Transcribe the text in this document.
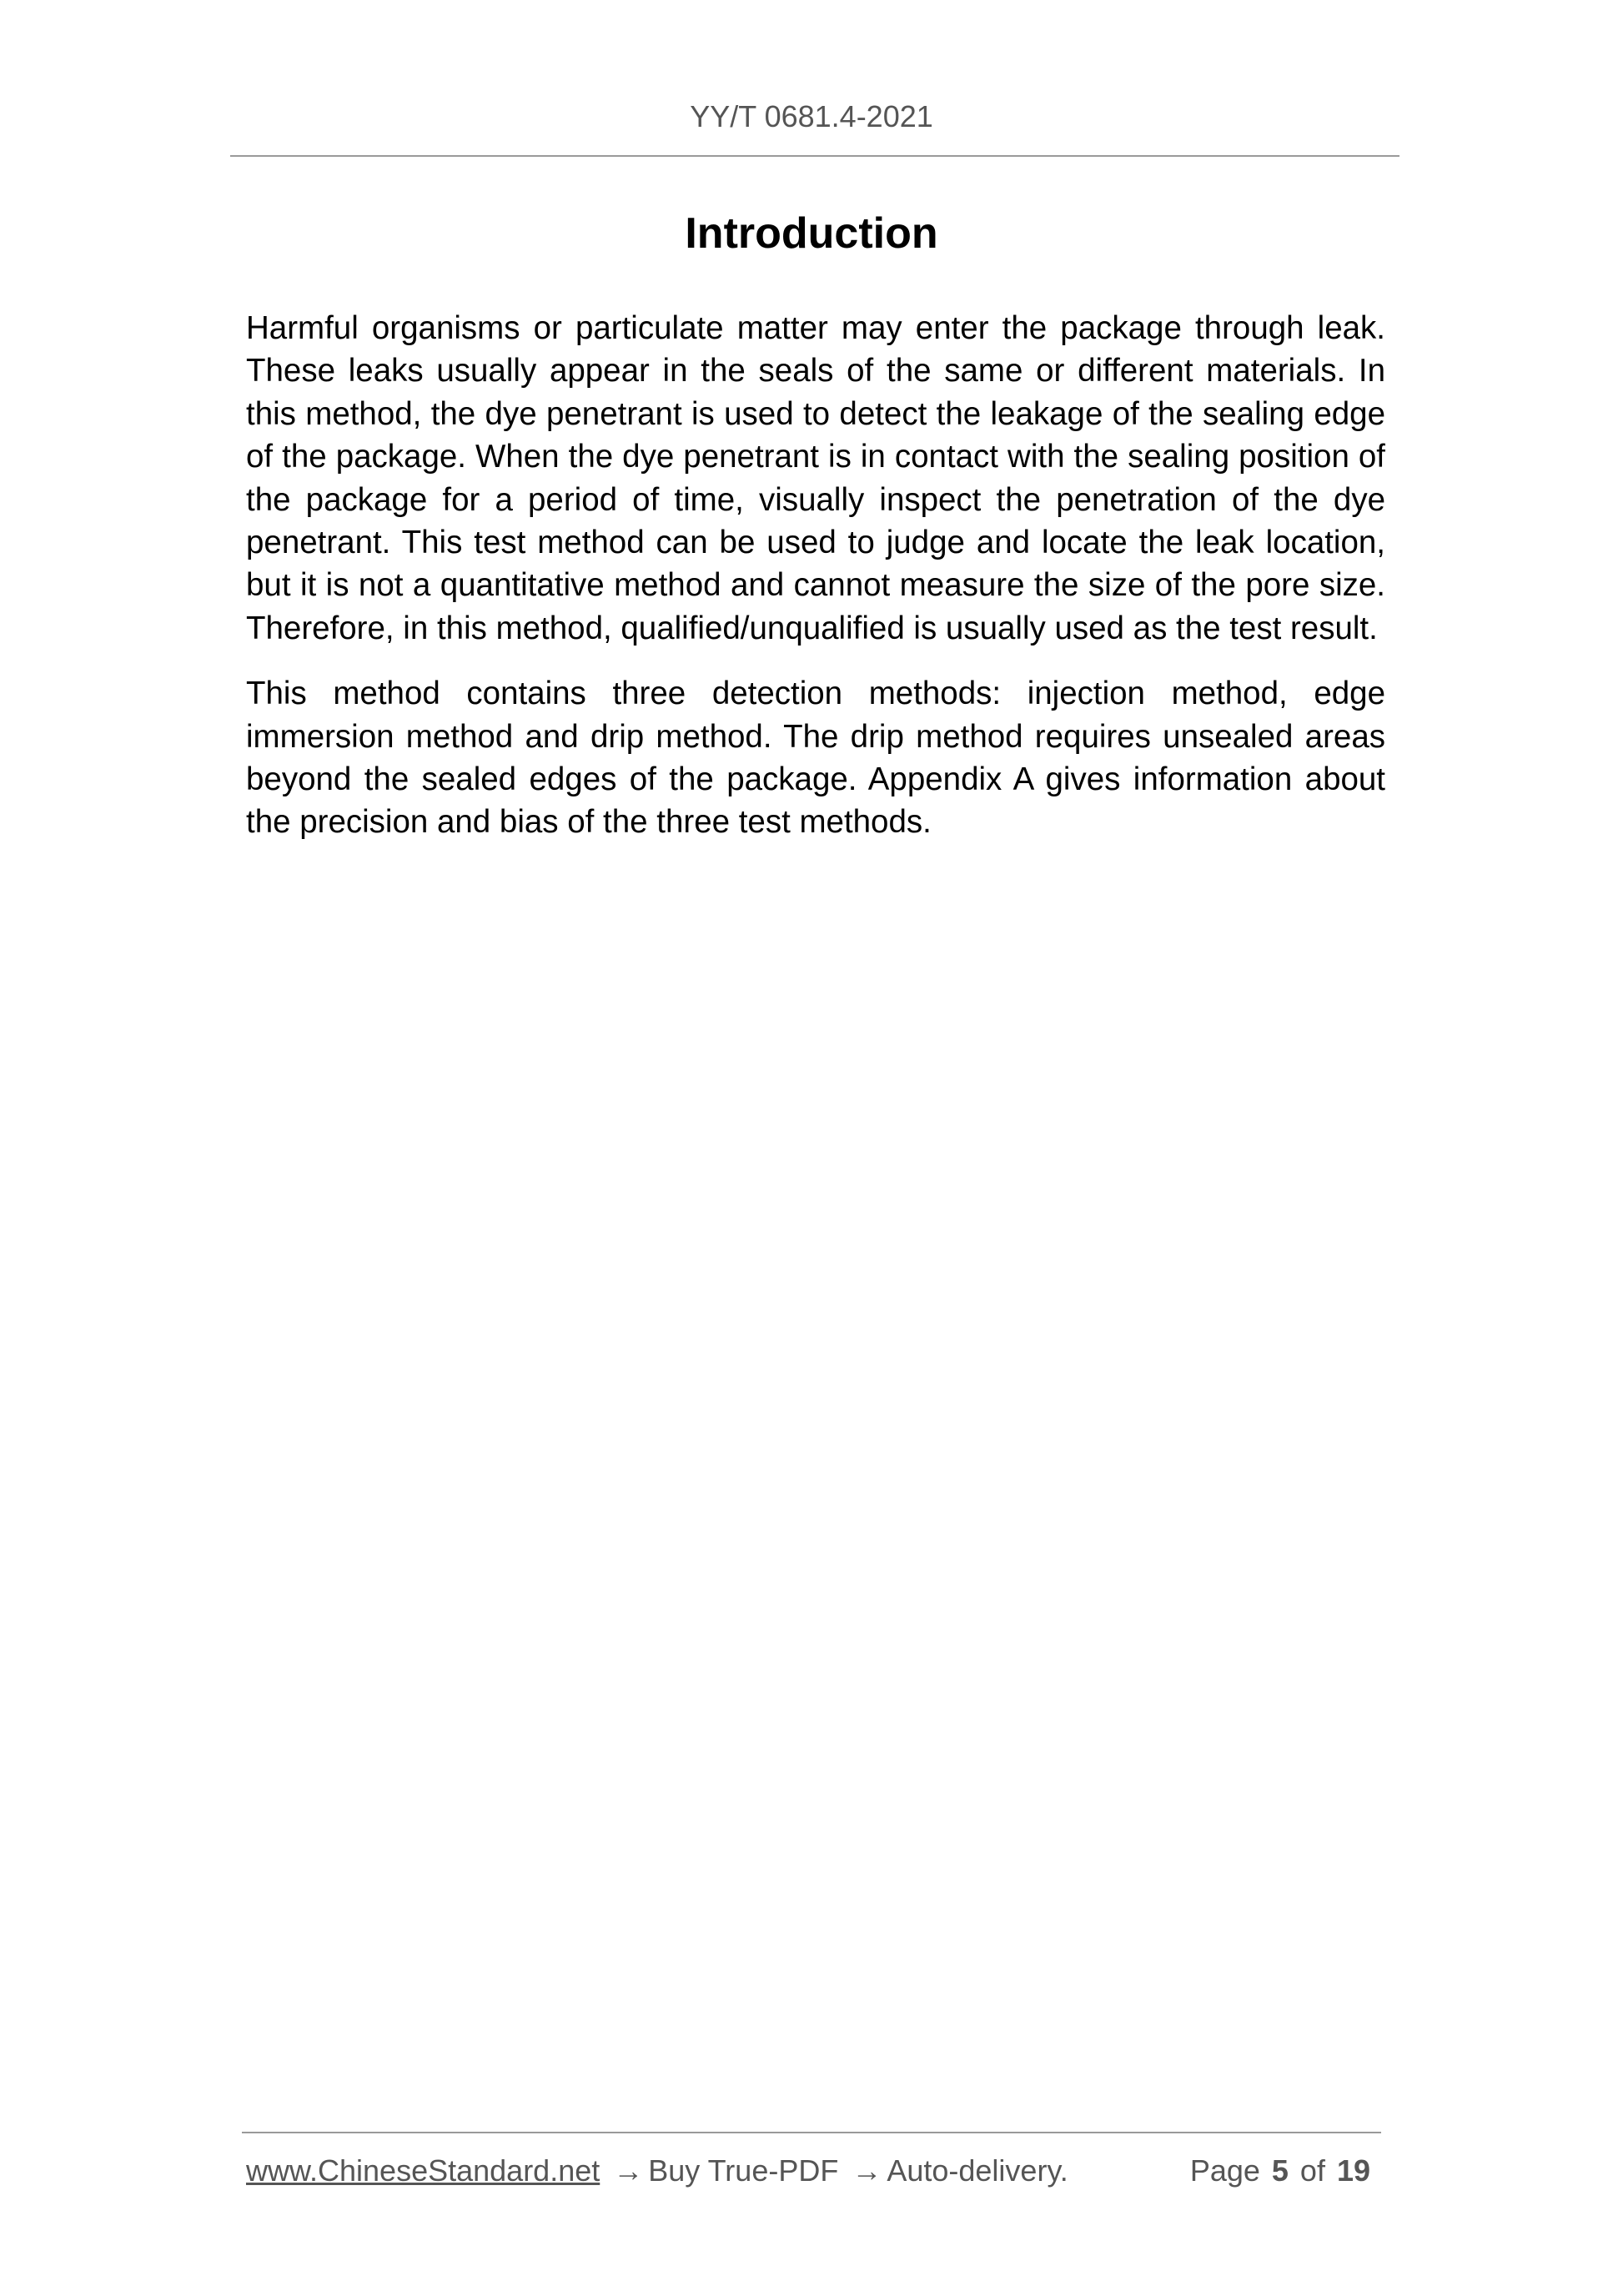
YY/T 0681.4-2021
Introduction

Harmful organisms or particulate matter may enter the package through leak. These leaks usually appear in the seals of the same or different materials. In this method, the dye penetrant is used to detect the leakage of the sealing edge of the package. When the dye penetrant is in contact with the sealing position of the package for a period of time, visually inspect the penetration of the dye penetrant. This test method can be used to judge and locate the leak location, but it is not a quantitative method and cannot measure the size of the pore size. Therefore, in this method, qualified/unqualified is usually used as the test result.

This method contains three detection methods: injection method, edge immersion method and drip method. The drip method requires unsealed areas beyond the sealed edges of the package. Appendix A gives information about the precision and bias of the three test methods.

www.ChineseStandard.net → Buy True-PDF → Auto-delivery.	Page 5 of 19
